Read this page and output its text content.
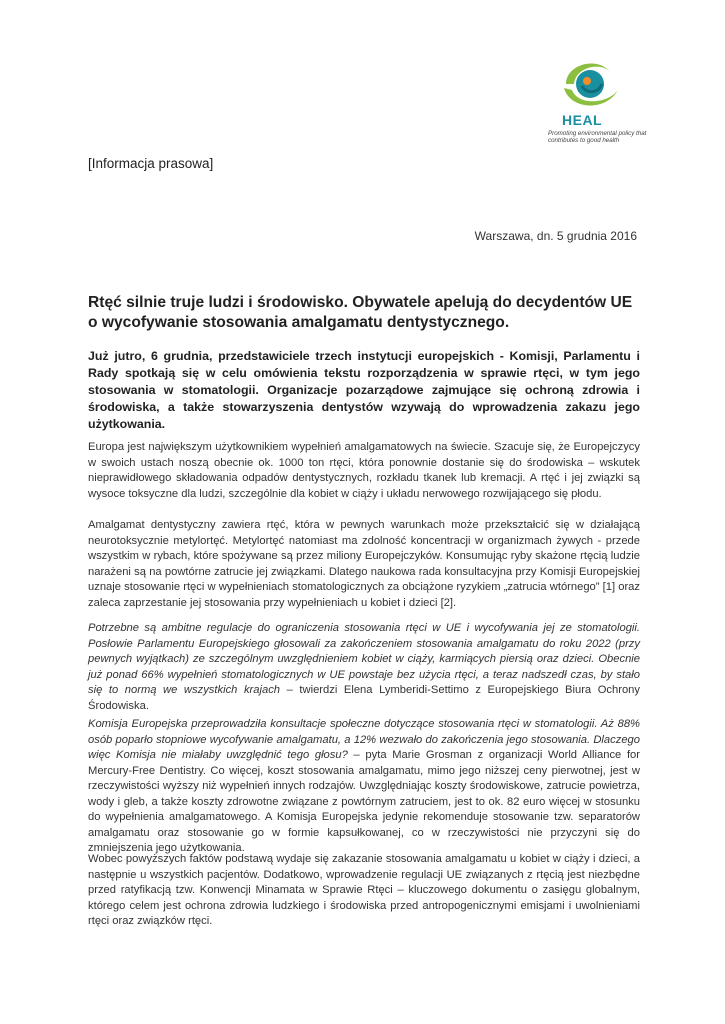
HEAL
Promoting environmental policy that contributes to good health
[Informacja prasowa]
Warszawa, dn. 5 grudnia 2016
Rtęć silnie truje ludzi i środowisko. Obywatele apelują do decydentów UE o wycofywanie stosowania amalgamatu dentystycznego.

Już jutro, 6 grudnia, przedstawiciele trzech instytucji europejskich - Komisji, Parlamentu i Rady spotkają się w celu omówienia tekstu rozporządzenia w sprawie rtęci, w tym jego stosowania w stomatologii. Organizacje pozarządowe zajmujące się ochroną zdrowia i środowiska, a także stowarzyszenia dentystów wzywają do wprowadzenia zakazu jego użytkowania.

Europa jest największym użytkownikiem wypełnień amalgamatowych na świecie. Szacuje się, że Europejczycy w swoich ustach noszą obecnie ok. 1000 ton rtęci, która ponownie dostanie się do środowiska – wskutek nieprawidłowego składowania odpadów dentystycznych, rozkładu tkanek lub kremacji. A rtęć i jej związki są wysoce toksyczne dla ludzi, szczególnie dla kobiet w ciąży i układu nerwowego rozwijającego się płodu.

Amalgamat dentystyczny zawiera rtęć, która w pewnych warunkach może przekształcić się w działającą neurotoksycznie metylortęć. Metylortęć natomiast ma zdolność koncentracji w organizmach żywych - przede wszystkim w rybach, które spożywane są przez miliony Europejczyków. Konsumując ryby skażone rtęcią ludzie narażeni są na powtórne zatrucie jej związkami. Dlatego naukowa rada konsultacyjna przy Komisji Europejskiej uznaje stosowanie rtęci w wypełnieniach stomatologicznych za obciążone ryzykiem „zatrucia wtórnego” [1] oraz zaleca zaprzestanie jej stosowania przy wypełnieniach u kobiet i dzieci [2].

Potrzebne są ambitne regulacje do ograniczenia stosowania rtęci w UE i wycofywania jej ze stomatologii. Posłowie Parlamentu Europejskiego głosowali za zakończeniem stosowania amalgamatu do roku 2022 (przy pewnych wyjątkach) ze szczególnym uwzględnieniem kobiet w ciąży, karmiących piersią oraz dzieci. Obecnie już ponad 66% wypełnień stomatologicznych w UE powstaje bez użycia rtęci, a teraz nadszedł czas, by stało się to normą we wszystkich krajach – twierdzi Elena Lymberidi-Settimo z Europejskiego Biura Ochrony Środowiska.

Komisja Europejska przeprowadziła konsultacje społeczne dotyczące stosowania rtęci w stomatologii. Aż 88% osób poparło stopniowe wycofywanie amalgamatu, a 12% wezwało do zakończenia jego stosowania. Dlaczego więc Komisja nie miałaby uwzględnić tego głosu? – pyta Marie Grosman z organizacji World Alliance for Mercury-Free Dentistry. Co więcej, koszt stosowania amalgamatu, mimo jego niższej ceny pierwotnej, jest w rzeczywistości wyższy niż wypełnień innych rodzajów. Uwzględniając koszty środowiskowe, zatrucie powietrza, wody i gleb, a także koszty zdrowotne związane z powtórnym zatruciem, jest to ok. 82 euro więcej w stosunku do wypełnienia amalgamatowego. A Komisja Europejska jedynie rekomenduje stosowanie tzw. separatorów amalgamatu oraz stosowanie go w formie kapsułkowanej, co w rzeczywistości nie przyczyni się do zmniejszenia jego użytkowania.

Wobec powyższych faktów podstawą wydaje się zakazanie stosowania amalgamatu u kobiet w ciąży i dzieci, a następnie u wszystkich pacjentów. Dodatkowo, wprowadzenie regulacji UE związanych z rtęcią jest niezbędne przed ratyfikacją tzw. Konwencji Minamata w Sprawie Rtęci – kluczowego dokumentu o zasięgu globalnym, którego celem jest ochrona zdrowia ludzkiego i środowiska przed antropogenicznymi emisjami i uwolnieniami rtęci oraz związków rtęci.
